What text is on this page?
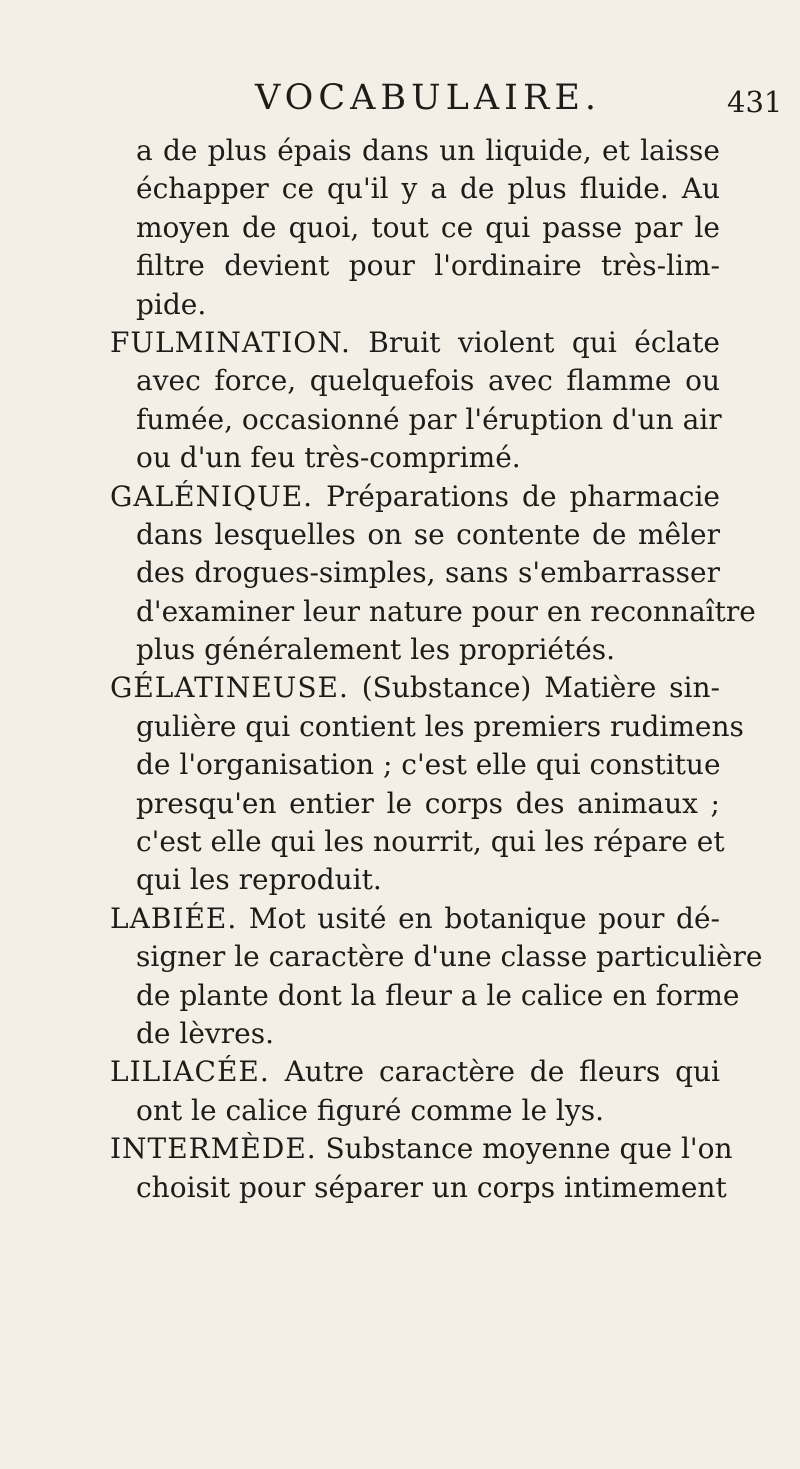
VOCABULAIRE.	431
a de plus épais dans un liquide, et laisse
échapper ce qu'il y a de plus fluide. Au
moyen de quoi, tout ce qui passe par le
filtre devient pour l'ordinaire très-lim-
pide.
FULMINATION. Bruit violent qui éclate
avec force, quelquefois avec flamme ou
fumée, occasionné par l'éruption d'un air
ou d'un feu très-comprimé.
GALÉNIQUE. Préparations de pharmacie
dans lesquelles on se contente de mêler
des drogues-simples, sans s'embarrasser
d'examiner leur nature pour en reconnaître
plus généralement les propriétés.
GÉLATINEUSE. (Substance) Matière sin-
gulière qui contient les premiers rudimens
de l'organisation ; c'est elle qui constitue
presqu'en entier le corps des animaux ;
c'est elle qui les nourrit, qui les répare et
qui les reproduit.
LABIÉE. Mot usité en botanique pour dé-
signer le caractère d'une classe particulière
de plante dont la fleur a le calice en forme
de lèvres.
LILIACÉE. Autre caractère de fleurs qui
ont le calice figuré comme le lys.
INTERMÈDE. Substance moyenne que l'on
choisit pour séparer un corps intimement
